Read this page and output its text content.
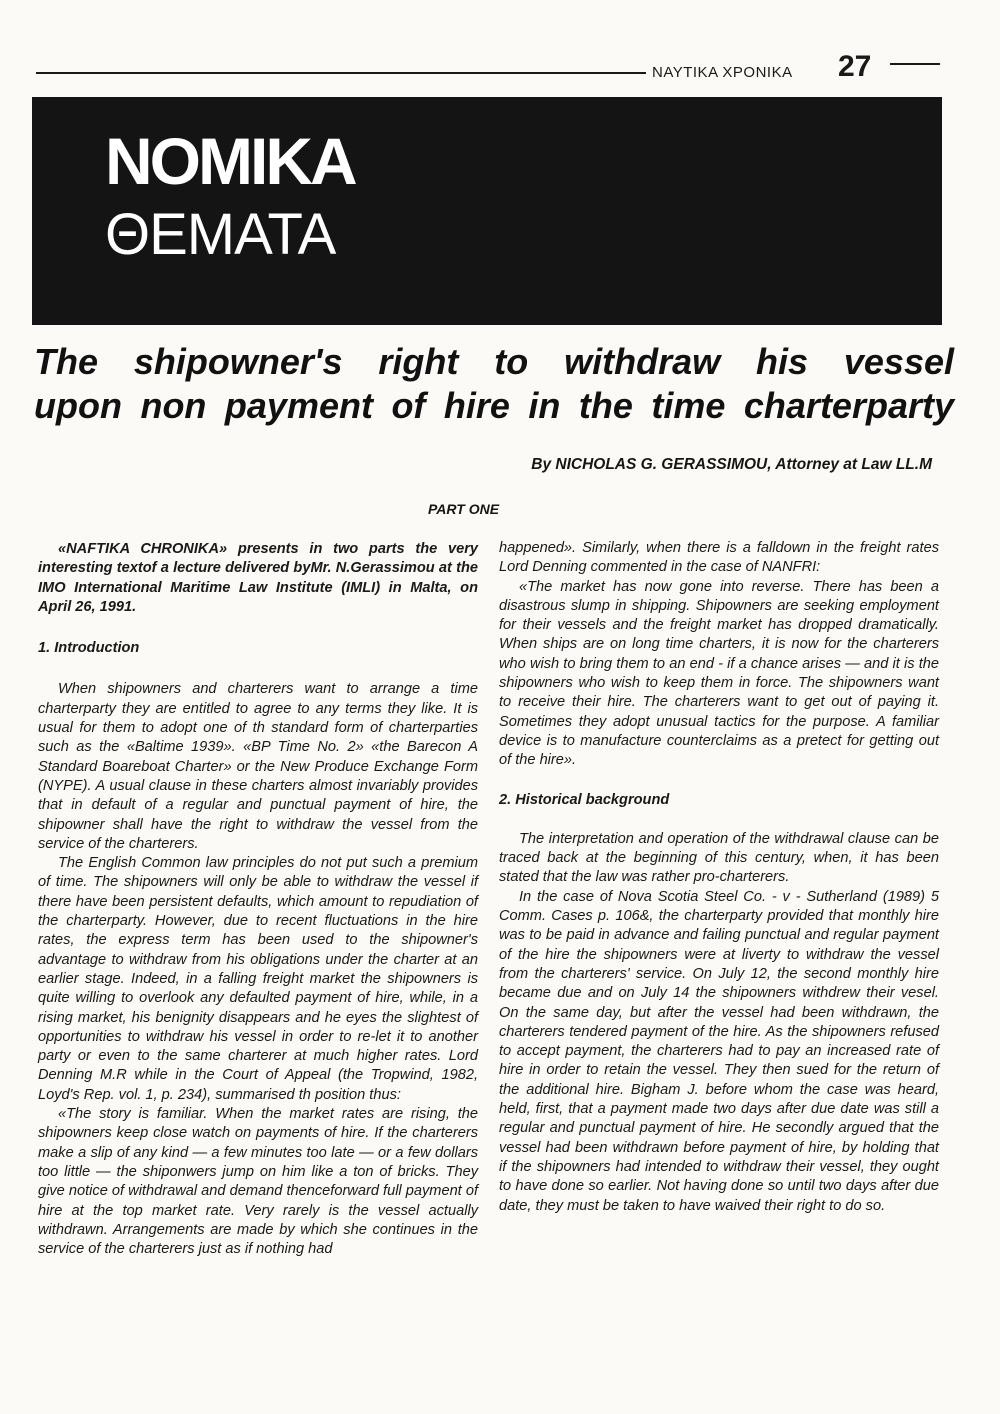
ΝΑΥΤΙΚΑ ΧΡΟΝΙΚΑ 27
NOMIKA
ΘΕΜΑΤΑ
The shipowner's right to withdraw his vessel
upon non payment of hire in the time charterparty
By NICHOLAS G. GERASSIMOU, Attorney at Law LL.M
PART ONE

«NAFTIKA CHRONIKA» presents in two parts the very interesting textof a lecture delivered byMr. N.Gerassimou at the IMO International Maritime Law Institute (IMLI) in Malta, on April 26, 1991.

1. Introduction

When shipowners and charterers want to arrange a time charterparty they are entitled to agree to any terms they like. It is usual for them to adopt one of th standard form of charterparties such as the «Baltime 1939». «BP Time No. 2» «the Barecon A Standard Boareboat Charter» or the New Produce Exchange Form (NYPE). A usual clause in these charters almost invariably provides that in default of a regular and punctual payment of hire, the shipowner shall have the right to withdraw the vessel from the service of the charterers.

The English Common law principles do not put such a premium of time. The shipowners will only be able to withdraw the vessel if there have been persistent defaults, which amount to repudiation of the charterparty. However, due to recent fluctuations in the hire rates, the express term has been used to the shipowner's advantage to withdraw from his obligations under the charter at an earlier stage. Indeed, in a falling freight market the shipowners is quite willing to overlook any defaulted payment of hire, while, in a rising market, his benignity disappears and he eyes the slightest of opportunities to withdraw his vessel in order to re-let it to another party or even to the same charterer at much higher rates. Lord Denning M.R while in the Court of Appeal (the Tropwind, 1982, Loyd's Rep. vol. 1, p. 234), summarised th position thus:

«The story is familiar. When the market rates are rising, the shipowners keep close watch on payments of hire. If the charterers make a slip of any kind — a few minutes too late — or a few dollars too little — the shiponwers jump on him like a ton of bricks. They give notice of withdrawal and demand thenceforward full payment of hire at the top market rate. Very rarely is the vessel actually withdrawn. Arrangements are made by which she continues in the service of the charterers just as if nothing had

happened». Similarly, when there is a falldown in the freight rates Lord Denning commented in the case of NANFRI:

«The market has now gone into reverse. There has been a disastrous slump in shipping. Shipowners are seeking employment for their vessels and the freight market has dropped dramatically. When ships are on long time charters, it is now for the charterers who wish to bring them to an end - if a chance arises — and it is the shipowners who wish to keep them in force. The shipowners want to receive their hire. The charterers want to get out of paying it. Sometimes they adopt unusual tactics for the purpose. A familiar device is to manufacture counterclaims as a pretect for getting out of the hire».

2. Historical background

The interpretation and operation of the withdrawal clause can be traced back at the beginning of this century, when, it has been stated that the law was rather pro-charterers.

In the case of Nova Scotia Steel Co. - v - Sutherland (1989) 5 Comm. Cases p. 106&, the charterparty provided that monthly hire was to be paid in advance and failing punctual and regular payment of the hire the shipowners were at liverty to withdraw the vessel from the charterers' service. On July 12, the second monthly hire became due and on July 14 the shipowners withdrew their vesel. On the same day, but after the vessel had been withdrawn, the charterers tendered payment of the hire. As the shipowners refused to accept payment, the charterers had to pay an increased rate of hire in order to retain the vessel. They then sued for the return of the additional hire. Bigham J. before whom the case was heard, held, first, that a payment made two days after due date was still a regular and punctual payment of hire. He secondly argued that the vessel had been withdrawn before payment of hire, by holding that if the shipowners had intended to withdraw their vessel, they ought to have done so earlier. Not having done so until two days after due date, they must be taken to have waived their right to do so.
